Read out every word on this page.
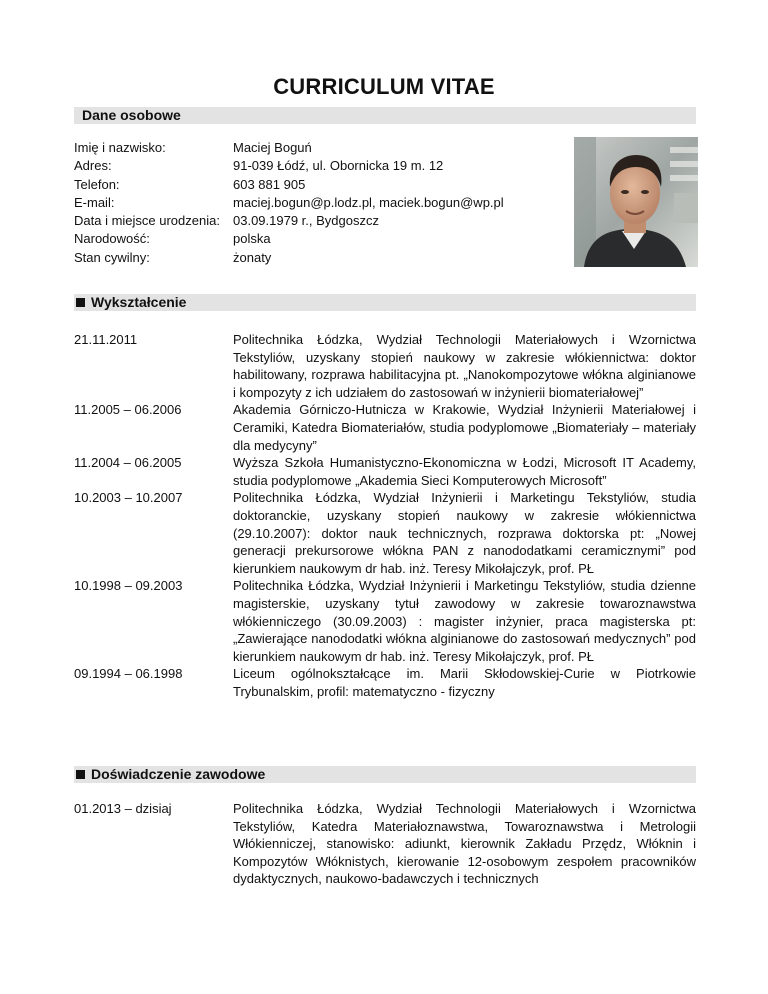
CURRICULUM VITAE
Dane osobowe
Imię i nazwisko:	Maciej Boguń
Adres:	91-039 Łódź, ul. Obornicka 19 m. 12
Telefon:	603 881 905
E-mail:	maciej.bogun@p.lodz.pl, maciek.bogun@wp.pl
Data i miejsce urodzenia:	03.09.1979 r., Bydgoszcz
Narodowość:	polska
Stan cywilny:	żonaty
Wykształcenie
21.11.2011	Politechnika Łódzka, Wydział Technologii Materiałowych i Wzornictwa Tekstyliów, uzyskany stopień naukowy w zakresie włókiennictwa: doktor habilitowany, rozprawa habilitacyjna pt. „Nanokompozytowe włókna alginianowe i kompozyty z ich udziałem do zastosowań w inżynierii biomateriałowej”
11.2005 – 06.2006	Akademia Górniczo-Hutnicza w Krakowie, Wydział Inżynierii Materiałowej i Ceramiki, Katedra Biomateriałów, studia podyplomowe „Biomateriały – materiały dla medycyny”
11.2004 – 06.2005	Wyższa Szkoła Humanistyczno-Ekonomiczna w Łodzi, Microsoft IT Academy, studia podyplomowe „Akademia Sieci Komputerowych Microsoft”
10.2003 – 10.2007	Politechnika Łódzka, Wydział Inżynierii i Marketingu Tekstyliów, studia doktoranckie, uzyskany stopień naukowy w zakresie włókiennictwa (29.10.2007): doktor nauk technicznych, rozprawa doktorska pt: „Nowej generacji prekursorowe włókna PAN z nanododatkami ceramicznymi” pod kierunkiem naukowym dr hab. inż. Teresy Mikołajczyk, prof. PŁ
10.1998 – 09.2003	Politechnika Łódzka, Wydział Inżynierii i Marketingu Tekstyliów, studia dzienne magisterskie, uzyskany tytuł zawodowy w zakresie towaroznawstwa włókienniczego (30.09.2003) : magister inżynier, praca magisterska pt: „Zawierające nanododatki włókna alginianowe do zastosowań medycznych” pod kierunkiem naukowym dr hab. inż. Teresy Mikołajczyk, prof. PŁ
09.1994 – 06.1998	Liceum ogólnokształcące im. Marii Skłodowskiej-Curie w Piotrkowie Trybunalskim, profil: matematyczno - fizyczny
Doświadczenie zawodowe
01.2013 – dzisiaj	Politechnika Łódzka, Wydział Technologii Materiałowych i Wzornictwa Tekstyliów, Katedra Materiałoznawstwa, Towaroznawstwa i Metrologii Włókienniczej, stanowisko: adiunkt, kierownik Zakładu Przędz, Włóknin i Kompozytów Włóknistych, kierowanie 12-osobowym zespołem pracowników dydaktycznych, naukowo-badawczych i technicznych
